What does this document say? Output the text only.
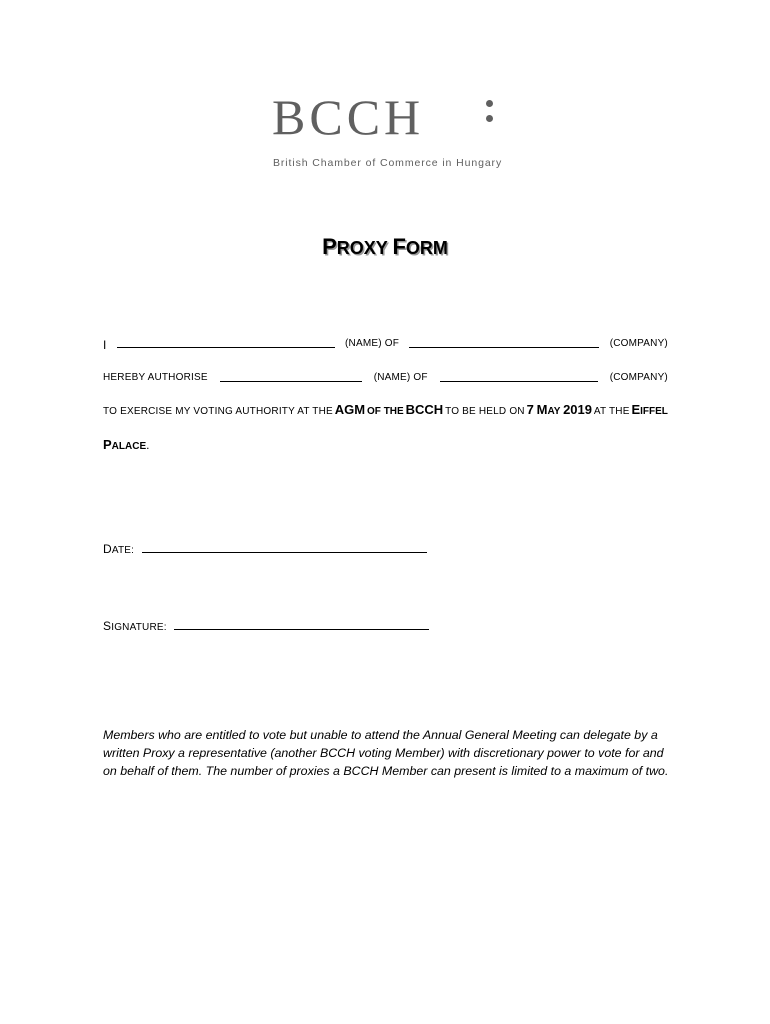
BCCH
British Chamber of Commerce in Hungary
PROXY FORM
I	(NAME) OF	(COMPANY)
HEREBY AUTHORISE	(NAME) OF	(COMPANY)
TO EXERCISE MY VOTING AUTHORITY AT THE AGM OF THE BCCH TO BE HELD ON 7 MAY 2019 AT THE EIFFEL
PALACE.
DATE:
SIGNATURE:
Members who are entitled to vote but unable to attend the Annual General Meeting can delegate by a written Proxy a representative (another BCCH voting Member) with discretionary power to vote for and on behalf of them. The number of proxies a BCCH Member can present is limited to a maximum of two.
